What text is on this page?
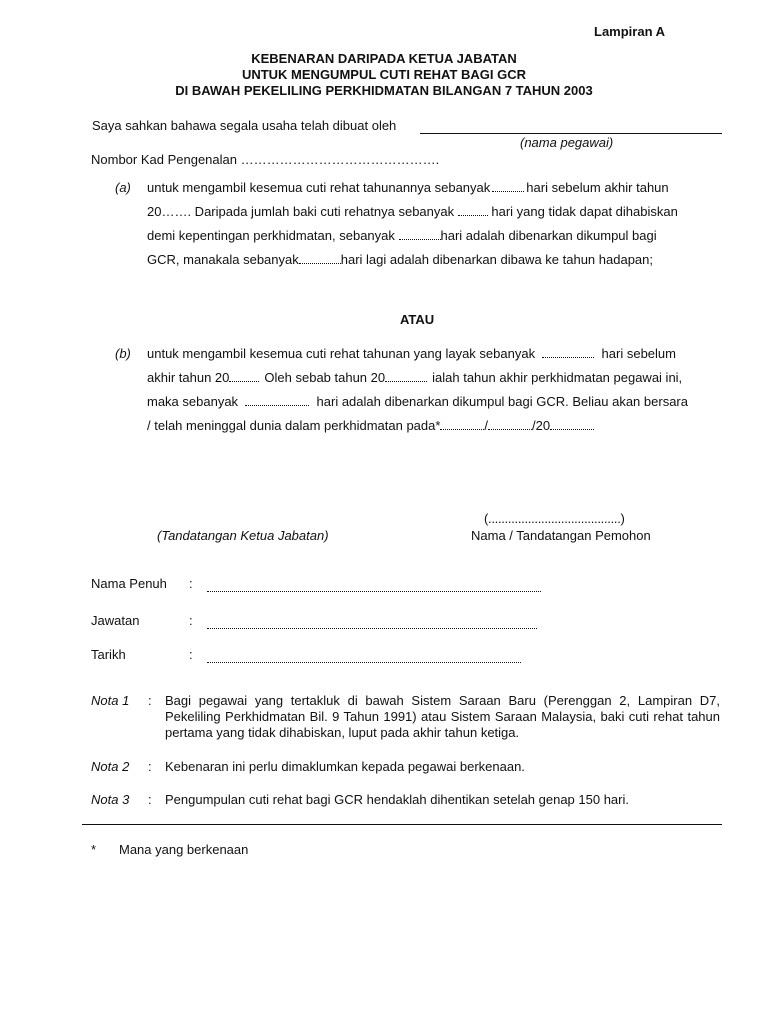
Lampiran A
KEBENARAN DARIPADA KETUA JABATAN
UNTUK MENGUMPUL CUTI REHAT BAGI GCR
DI BAWAH PEKELILING PERKHIDMATAN BILANGAN 7 TAHUN 2003
Saya sahkan bahawa segala usaha telah dibuat oleh
(nama pegawai)
Nombor Kad Pengenalan ……………………………………….
(a) untuk mengambil kesemua cuti rehat tahunannya sebanyak	hari sebelum akhir tahun
20……. Daripada jumlah baki cuti rehatnya sebanyak	hari yang tidak dapat dihabiskan
demi kepentingan perkhidmatan, sebanyak	hari adalah dibenarkan dikumpul bagi
GCR, manakala sebanyak	hari lagi adalah dibenarkan dibawa ke tahun hadapan;
ATAU
(b) untuk mengambil kesemua cuti rehat tahunan yang layak sebanyak	hari sebelum
akhir tahun 20	Oleh sebab tahun 20	ialah tahun akhir perkhidmatan pegawai ini,
maka sebanyak	hari adalah dibenarkan dikumpul bagi GCR. Beliau akan bersara
/ telah meninggal dunia dalam perkhidmatan pada*	/	/20
(........................................)
(Tandatangan Ketua Jabatan)	Nama / Tandatangan Pemohon
Nama Penuh :
Jawatan	:
Tarikh	:
Nota 1 : Bagi pegawai yang tertakluk di bawah Sistem Saraan Baru (Perenggan 2, Lampiran D7, Pekeliling Perkhidmatan Bil. 9 Tahun 1991) atau Sistem Saraan Malaysia, baki cuti rehat tahun pertama yang tidak dihabiskan, luput pada akhir tahun ketiga.
Nota 2 : Kebenaran ini perlu dimaklumkan kepada pegawai berkenaan.
Nota 3 : Pengumpulan cuti rehat bagi GCR hendaklah dihentikan setelah genap 150 hari.
* Mana yang berkenaan
